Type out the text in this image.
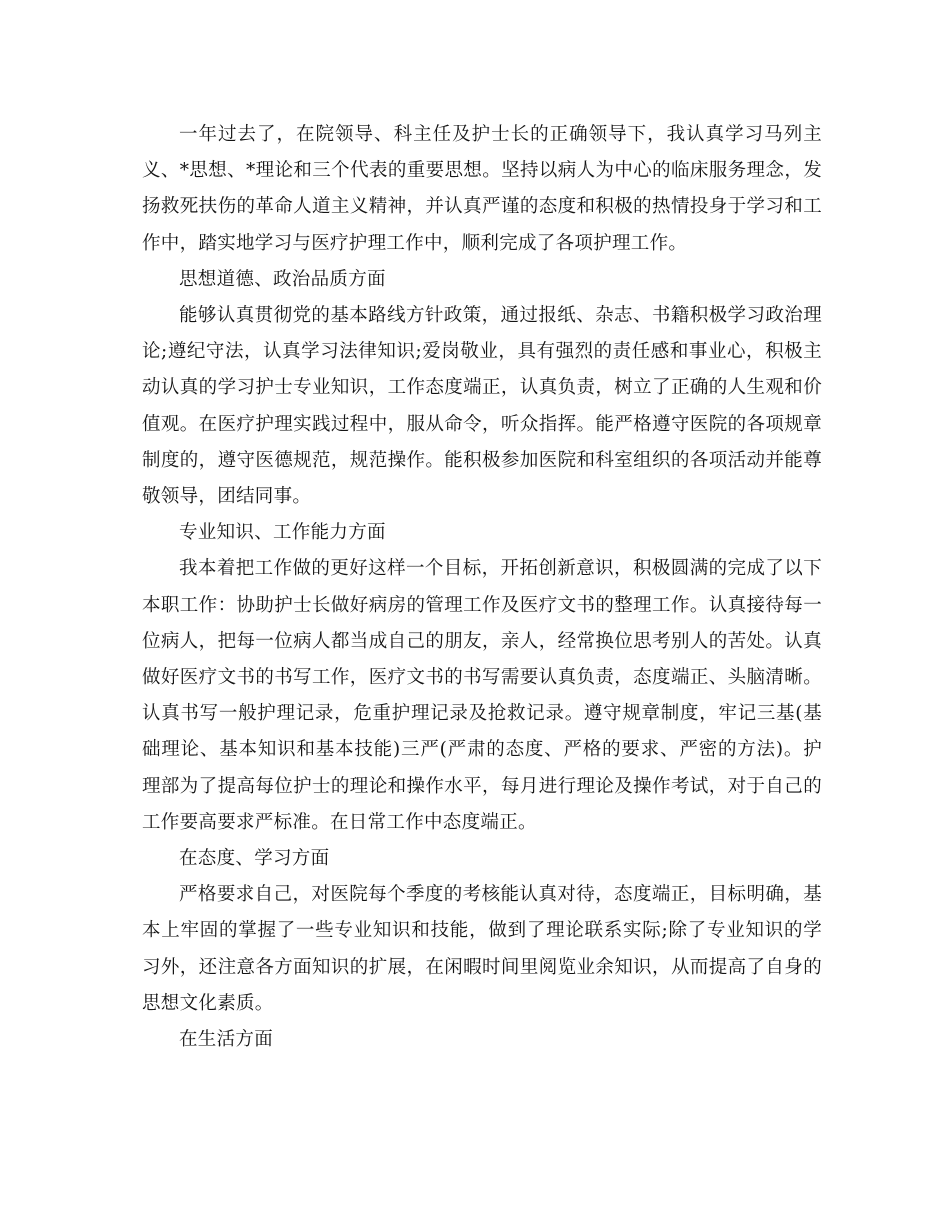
一年过去了，在院领导、科主任及护士长的正确领导下，我认真学习马列主义、*思想、*理论和三个代表的重要思想。坚持以病人为中心的临床服务理念，发扬救死扶伤的革命人道主义精神，并认真严谨的态度和积极的热情投身于学习和工作中，踏实地学习与医疗护理工作中，顺利完成了各项护理工作。

思想道德、政治品质方面

能够认真贯彻党的基本路线方针政策，通过报纸、杂志、书籍积极学习政治理论;遵纪守法，认真学习法律知识;爱岗敬业，具有强烈的责任感和事业心，积极主动认真的学习护士专业知识，工作态度端正，认真负责，树立了正确的人生观和价值观。在医疗护理实践过程中，服从命令，听众指挥。能严格遵守医院的各项规章制度的，遵守医德规范，规范操作。能积极参加医院和科室组织的各项活动并能尊敬领导，团结同事。

专业知识、工作能力方面

我本着把工作做的更好这样一个目标，开拓创新意识，积极圆满的完成了以下本职工作：协助护士长做好病房的管理工作及医疗文书的整理工作。认真接待每一位病人，把每一位病人都当成自己的朋友，亲人，经常换位思考别人的苦处。认真做好医疗文书的书写工作，医疗文书的书写需要认真负责，态度端正、头脑清晰。认真书写一般护理记录，危重护理记录及抢救记录。遵守规章制度，牢记三基(基础理论、基本知识和基本技能)三严(严肃的态度、严格的要求、严密的方法)。护理部为了提高每位护士的理论和操作水平，每月进行理论及操作考试，对于自己的工作要高要求严标准。在日常工作中态度端正。

在态度、学习方面

严格要求自己，对医院每个季度的考核能认真对待，态度端正，目标明确，基本上牢固的掌握了一些专业知识和技能，做到了理论联系实际;除了专业知识的学习外，还注意各方面知识的扩展，在闲暇时间里阅览业余知识，从而提高了自身的思想文化素质。

在生活方面
